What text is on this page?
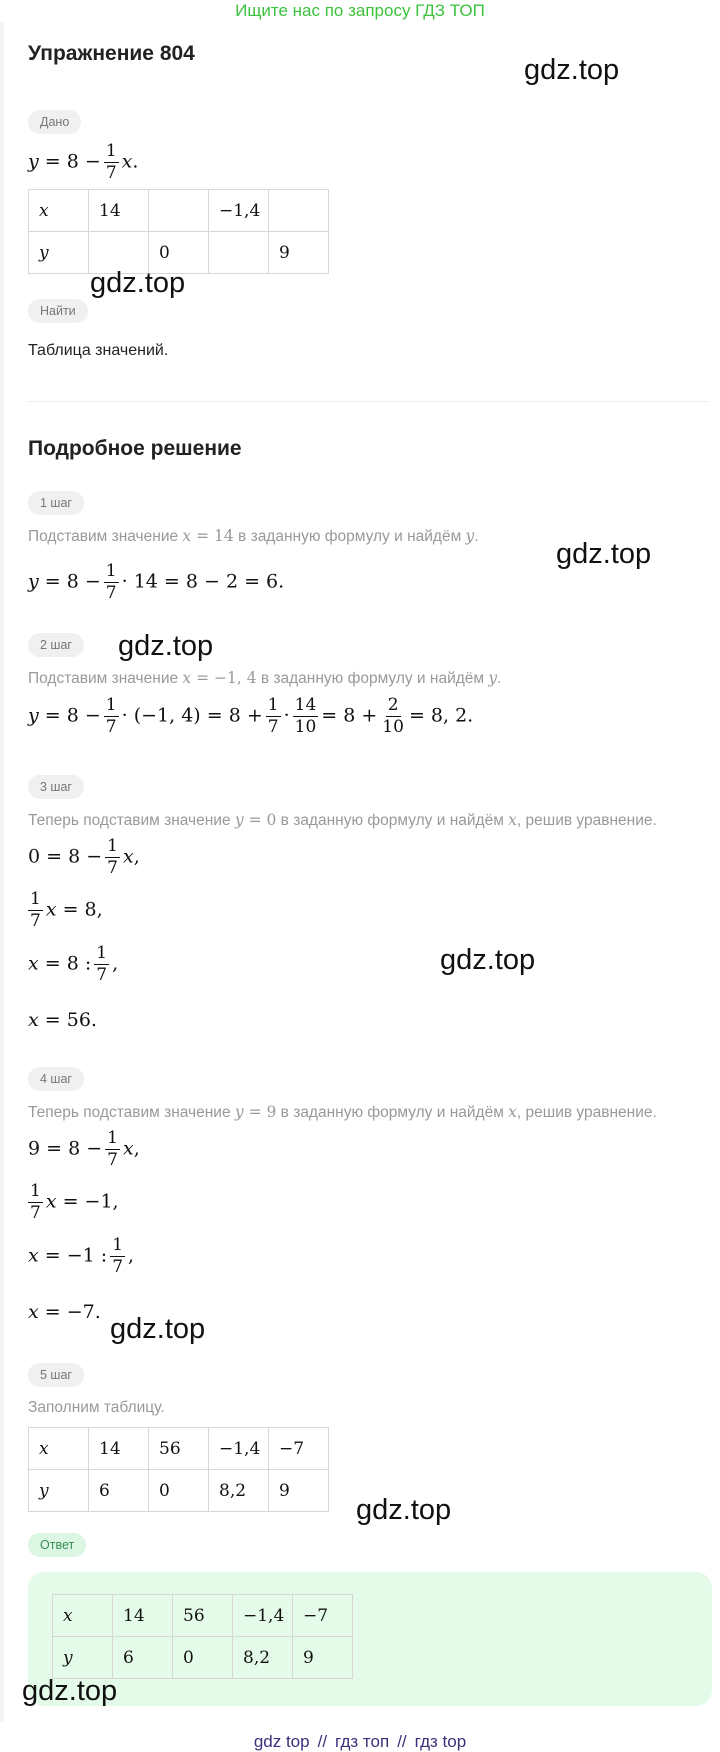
Ищите нас по запросу ГДЗ ТОП
Упражнение 804
Дано
$y = 8 - \frac{1}{7} x$.
x	14		−1,4	
y		0		9
Найти
Таблица значений.
Подробное решение
1 шаг
Подставим значение x = 14 в заданную формулу и найдём y.
$y = 8 - \frac{1}{7} \cdot 14 = 8 - 2 = 6$.
2 шаг
Подставим значение x = −1, 4 в заданную формулу и найдём y.
$y = 8 - \frac{1}{7} \cdot (-1$, $4) = 8 + \frac{1}{7} \cdot \frac{14}{10} = 8 + \frac{2}{10} = 8$, 2.
3 шаг
Теперь подставим значение y = 0 в заданную формулу и найдём x, решив уравнение.
$0 = 8 - \frac{1}{7} x$,
$\frac{1}{7}$ x = 8,
x = 8 : $\frac{1}{7}$ ,
x = 56.
4 шаг
Теперь подставим значение y = 9 в заданную формулу и найдём x, решив уравнение.
$9 = 8 - \frac{1}{7} x$,
$\frac{1}{7}$ x = −1,
x = −1 : $\frac{1}{7}$ ,
x = −7.
5 шаг
Заполним таблицу.
x	14	56	−1,4	−7
y	6	0	8,2	9
Ответ
x	14	56	−1,4	−7
y	6	0	8,2	9
gdz.top
gdz.top
gdz.top
gdz.top
gdz.top
gdz.top
gdz.top
gdz.top
gdz top // гдз топ // гдз top
